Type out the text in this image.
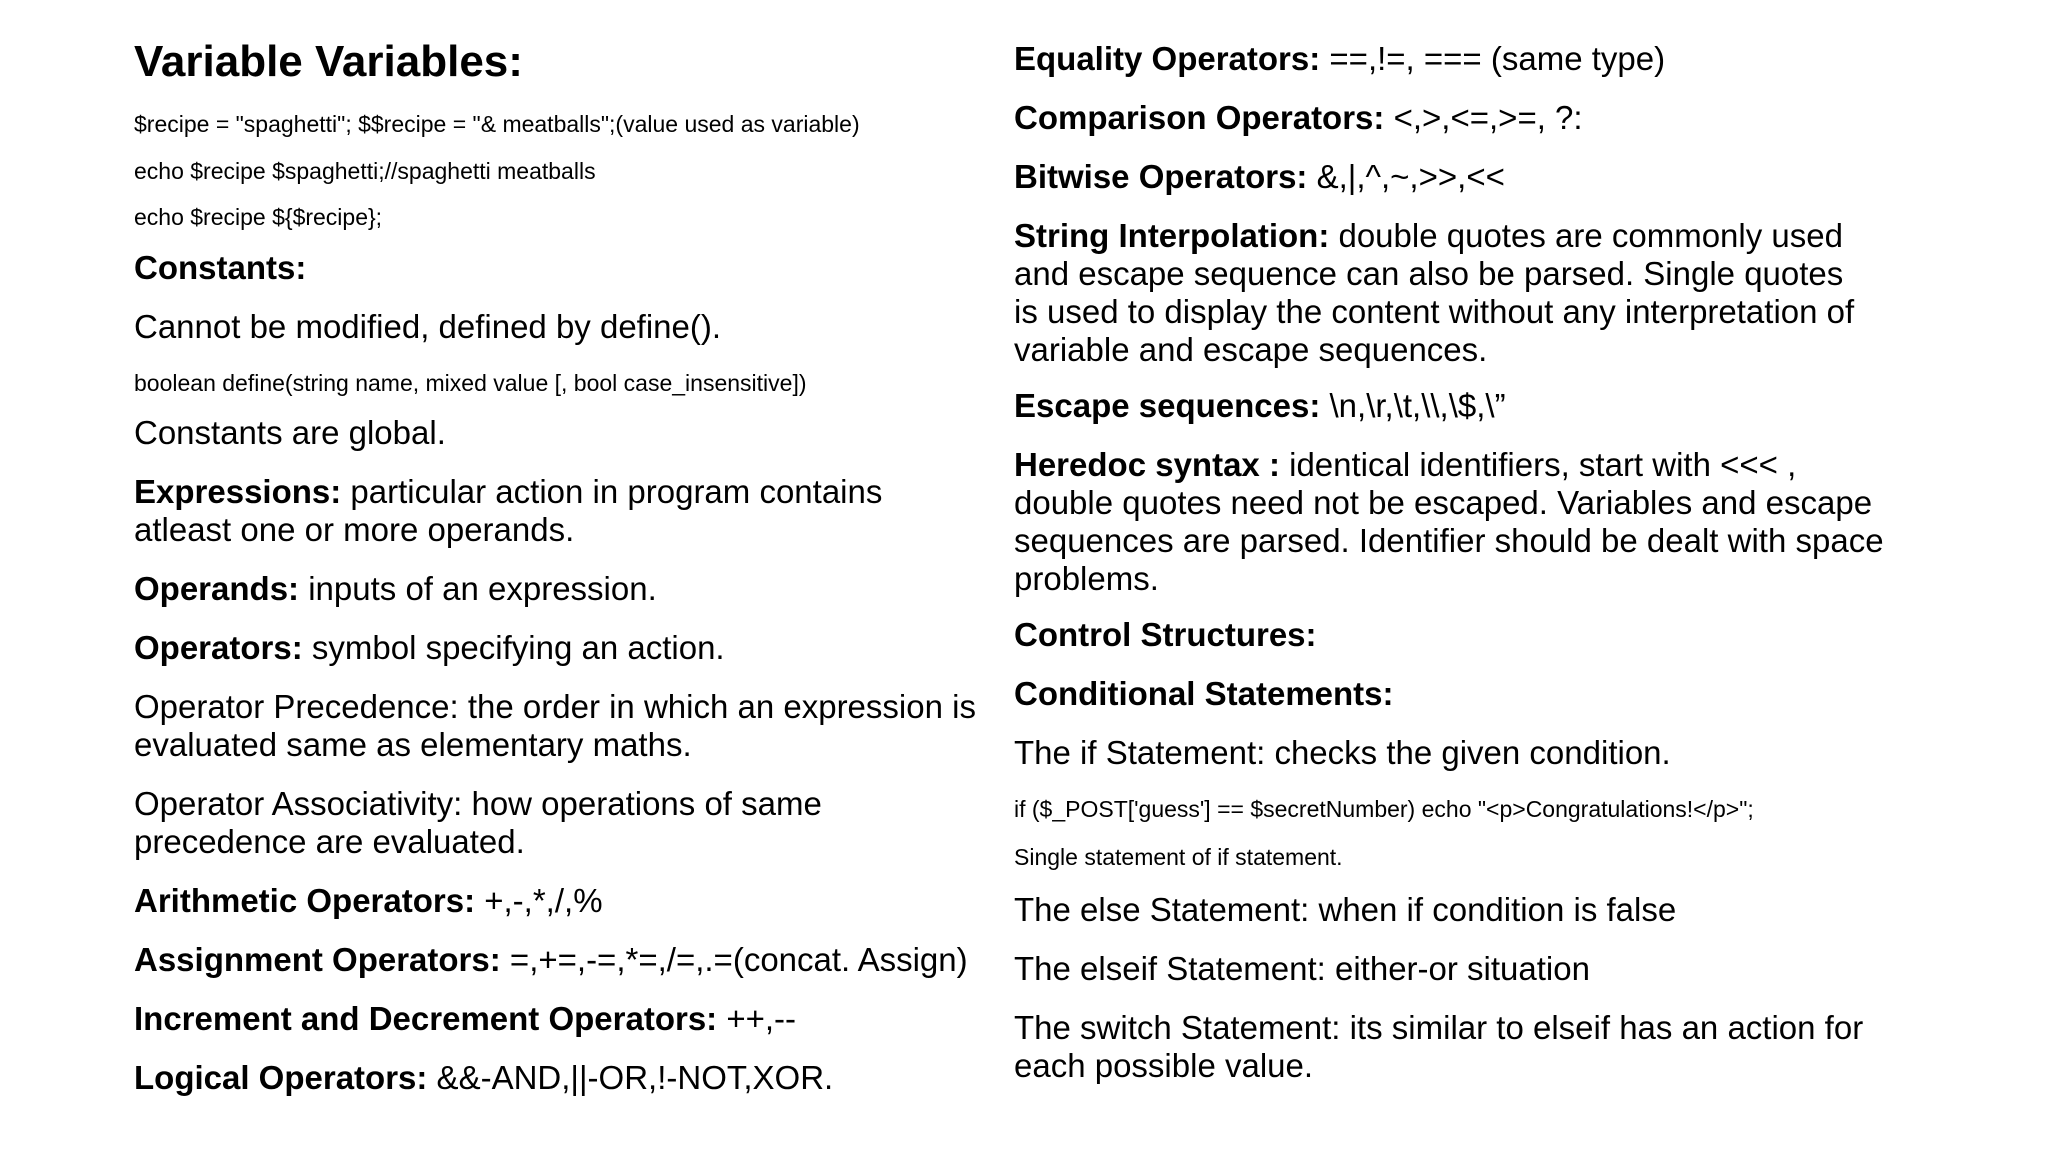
Variable Variables:
$recipe = "spaghetti"; $$recipe = "& meatballs";(value used as variable)
echo $recipe $spaghetti;//spaghetti meatballs
echo $recipe ${$recipe};
Constants:
Cannot be modified, defined by define().
boolean define(string name, mixed value [, bool case_insensitive])
Constants are global.
Expressions: particular action in program contains atleast one or more operands.
Operands: inputs of an expression.
Operators: symbol specifying an action.
Operator Precedence: the order in which an expression is evaluated same as elementary maths.
Operator Associativity: how operations of same precedence are evaluated.
Arithmetic Operators: +,-,*,/,%
Assignment Operators: =,+=,-=,*=,/=,.=(concat. Assign)
Increment and Decrement Operators: ++,--
Logical Operators: &&-AND,||-OR,!-NOT,XOR.
Equality Operators: ==,!=, === (same type)
Comparison Operators: <,>,<=,>=, ?:
Bitwise Operators: &,|,^,~,>>,<<
String Interpolation: double quotes are commonly used and escape sequence can also be parsed. Single quotes is used to display the content without any interpretation of variable and escape sequences.
Escape sequences: \n,\r,\t,\\,\$,\”
Heredoc syntax : identical identifiers, start with <<< , double quotes need not be escaped. Variables and escape sequences are parsed. Identifier should be dealt with space problems.
Control Structures:
Conditional Statements:
The if Statement: checks the given condition.
if ($_POST['guess'] == $secretNumber) echo "<p>Congratulations!</p>";
Single statement of if statement.
The else Statement: when if condition is false
The elseif Statement: either-or situation
The switch Statement: its similar to elseif has an action for each possible value.
